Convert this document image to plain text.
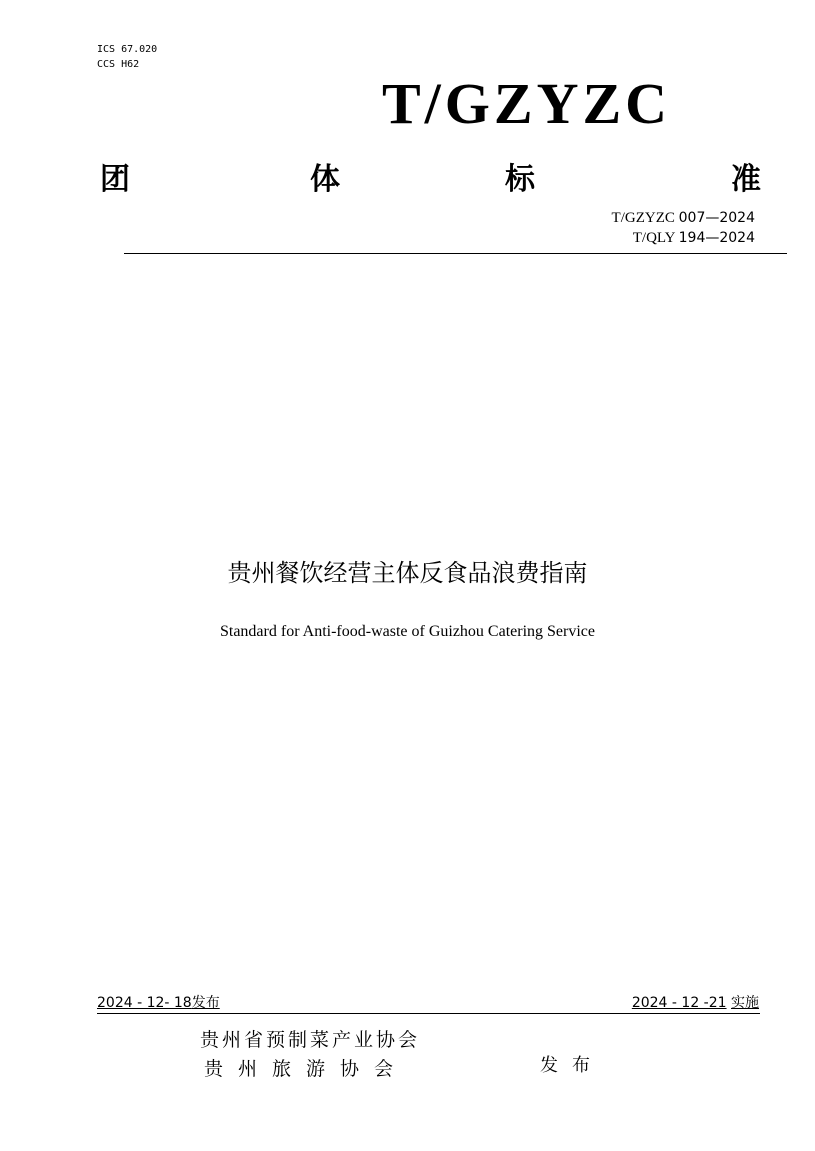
ICS 67.020
CCS H62
T/GZYZC
团	体	标	准
T/GZYZC 007—2024
T/QLY 194—2024
贵州餐饮经营主体反食品浪费指南
Standard for Anti-food-waste of Guizhou Catering Service
2024 - 12- 18发布	2024 - 12 -21 实施
贵州省预制菜产业协会
贵州旅游协会	发布
